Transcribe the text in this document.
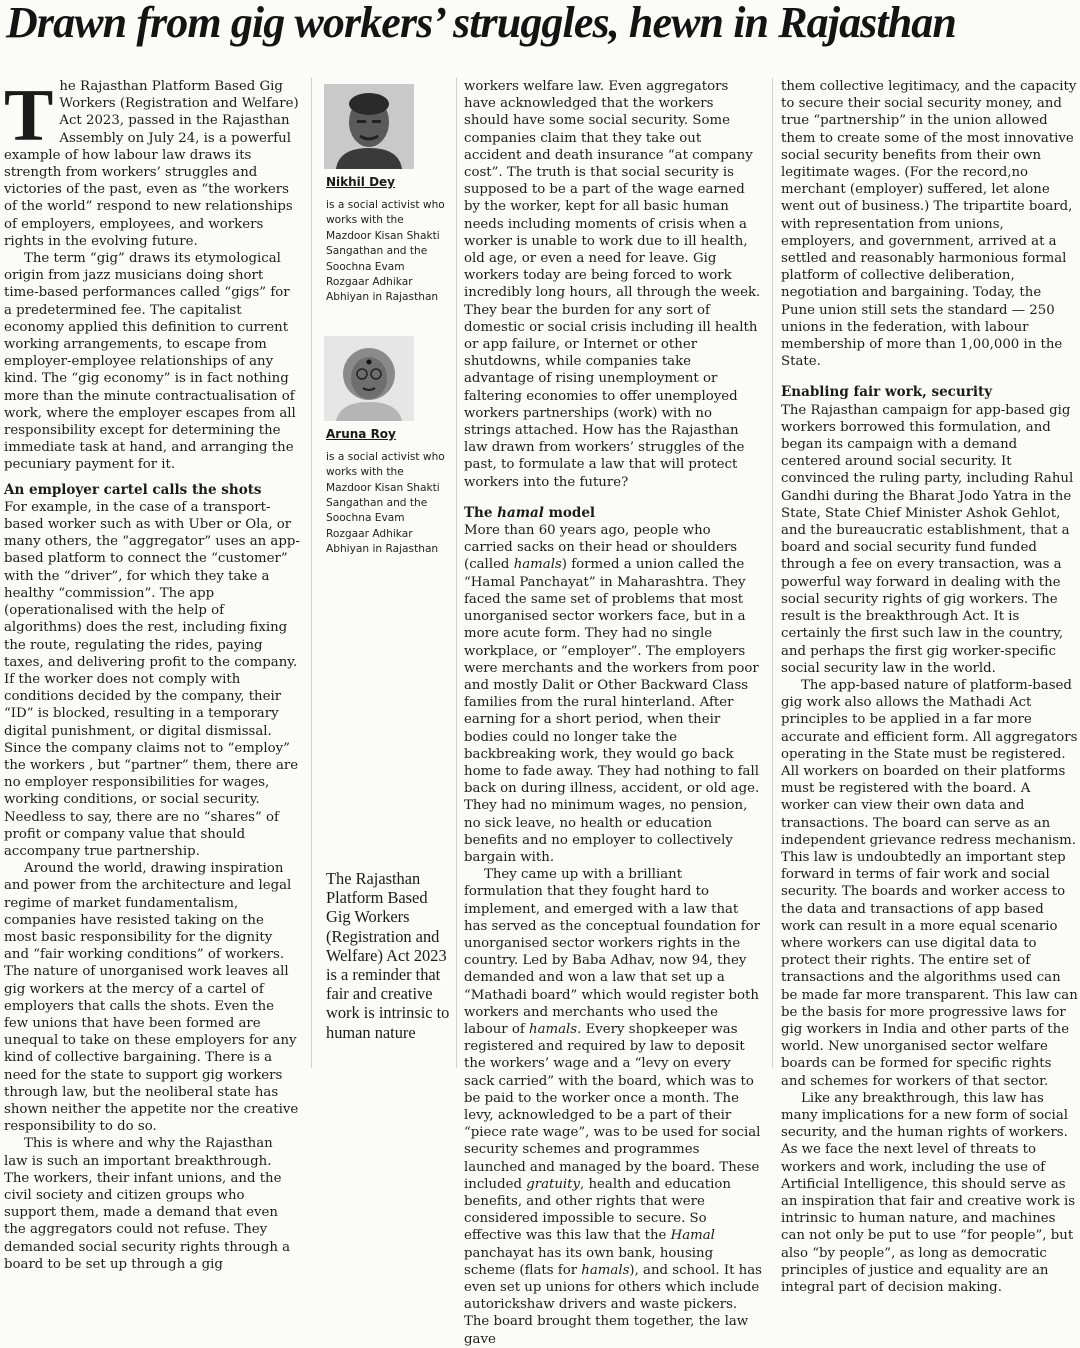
Drawn from gig workers’ struggles, hewn in Rajasthan

The Rajasthan Platform Based Gig Workers (Registration and Welfare) Act 2023, passed in the Rajasthan Assembly on July 24, is a powerful example of how labour law draws its strength from workers’ struggles and victories of the past, even as “the workers of the world” respond to new relationships of employers, employees, and workers rights in the evolving future.

The term “gig” draws its etymological origin from jazz musicians doing short time-based performances called “gigs” for a predetermined fee. The capitalist economy applied this definition to current working arrangements, to escape from employer-employee relationships of any kind. The “gig economy” is in fact nothing more than the minute contractualisation of work, where the employer escapes from all responsibility except for determining the immediate task at hand, and arranging the pecuniary payment for it.

An employer cartel calls the shots

For example, in the case of a transport-based worker such as with Uber or Ola, or many others, the “aggregator” uses an app-based platform to connect the “customer” with the “driver”, for which they take a healthy “commission”. The app (operationalised with the help of algorithms) does the rest, including fixing the route, regulating the rides, paying taxes, and delivering profit to the company. If the worker does not comply with conditions decided by the company, their “ID” is blocked, resulting in a temporary digital punishment, or digital dismissal. Since the company claims not to “employ” the workers , but “partner” them, there are no employer responsibilities for wages, working conditions, or social security. Needless to say, there are no “shares” of profit or company value that should accompany true partnership.

Around the world, drawing inspiration and power from the architecture and legal regime of market fundamentalism, companies have resisted taking on the most basic responsibility for the dignity and “fair working conditions” of workers. The nature of unorganised work leaves all gig workers at the mercy of a cartel of employers that calls the shots. Even the few unions that have been formed are unequal to take on these employers for any kind of collective bargaining. There is a need for the state to support gig workers through law, but the neoliberal state has shown neither the appetite nor the creative responsibility to do so.

This is where and why the Rajasthan law is such an important breakthrough. The workers, their infant unions, and the civil society and citizen groups who support them, made a demand that even the aggregators could not refuse. They demanded social security rights through a board to be set up through a gig

Nikhil Dey
is a social activist who works with the Mazdoor Kisan Shakti Sangathan and the Soochna Evam Rozgaar Adhikar Abhiyan in Rajasthan
Aruna Roy
is a social activist who works with the Mazdoor Kisan Shakti Sangathan and the Soochna Evam Rozgaar Adhikar Abhiyan in Rajasthan
The Rajasthan Platform Based Gig Workers (Registration and Welfare) Act 2023 is a reminder that fair and creative work is intrinsic to human nature

workers welfare law. Even aggregators have acknowledged that the workers should have some social security. Some companies claim that they take out accident and death insurance “at company cost”. The truth is that social security is supposed to be a part of the wage earned by the worker, kept for all basic human needs including moments of crisis when a worker is unable to work due to ill health, old age, or even a need for leave. Gig workers today are being forced to work incredibly long hours, all through the week. They bear the burden for any sort of domestic or social crisis including ill health or app failure, or Internet or other shutdowns, while companies take advantage of rising unemployment or faltering economies to offer unemployed workers partnerships (work) with no strings attached. How has the Rajasthan law drawn from workers’ struggles of the past, to formulate a law that will protect workers into the future?

The hamal model

More than 60 years ago, people who carried sacks on their head or shoulders (called hamals) formed a union called the “Hamal Panchayat” in Maharashtra. They faced the same set of problems that most unorganised sector workers face, but in a more acute form. They had no single workplace, or “employer”. The employers were merchants and the workers from poor and mostly Dalit or Other Backward Class families from the rural hinterland. After earning for a short period, when their bodies could no longer take the backbreaking work, they would go back home to fade away. They had nothing to fall back on during illness, accident, or old age. They had no minimum wages, no pension, no sick leave, no health or education benefits and no employer to collectively bargain with.

They came up with a brilliant formulation that they fought hard to implement, and emerged with a law that has served as the conceptual foundation for unorganised sector workers rights in the country. Led by Baba Adhav, now 94, they demanded and won a law that set up a “Mathadi board” which would register both workers and merchants who used the labour of hamals. Every shopkeeper was registered and required by law to deposit the workers’ wage and a “levy on every sack carried” with the board, which was to be paid to the worker once a month. The levy, acknowledged to be a part of their “piece rate wage”, was to be used for social security schemes and programmes launched and managed by the board. These included gratuity, health and education benefits, and other rights that were considered impossible to secure. So effective was this law that the Hamal panchayat has its own bank, housing scheme (flats for hamals), and school. It has even set up unions for others which include autorickshaw drivers and waste pickers. The board brought them together, the law gave

them collective legitimacy, and the capacity to secure their social security money, and true “partnership” in the union allowed them to create some of the most innovative social security benefits from their own legitimate wages. (For the record,no merchant (employer) suffered, let alone went out of business.) The tripartite board, with representation from unions, employers, and government, arrived at a settled and reasonably harmonious formal platform of collective deliberation, negotiation and bargaining. Today, the Pune union still sets the standard — 250 unions in the federation, with labour membership of more than 1,00,000 in the State.

Enabling fair work, security

The Rajasthan campaign for app-based gig workers borrowed this formulation, and began its campaign with a demand centered around social security. It convinced the ruling party, including Rahul Gandhi during the Bharat Jodo Yatra in the State, State Chief Minister Ashok Gehlot, and the bureaucratic establishment, that a board and social security fund funded through a fee on every transaction, was a powerful way forward in dealing with the social security rights of gig workers. The result is the breakthrough Act. It is certainly the first such law in the country, and perhaps the first gig worker-specific social security law in the world.

The app-based nature of platform-based gig work also allows the Mathadi Act principles to be applied in a far more accurate and efficient form. All aggregators operating in the State must be registered. All workers on boarded on their platforms must be registered with the board. A worker can view their own data and transactions. The board can serve as an independent grievance redress mechanism. This law is undoubtedly an important step forward in terms of fair work and social security. The boards and worker access to the data and transactions of app based work can result in a more equal scenario where workers can use digital data to protect their rights. The entire set of transactions and the algorithms used can be made far more transparent. This law can be the basis for more progressive laws for gig workers in India and other parts of the world. New unorganised sector welfare boards can be formed for specific rights and schemes for workers of that sector.

Like any breakthrough, this law has many implications for a new form of social security, and the human rights of workers. As we face the next level of threats to workers and work, including the use of Artificial Intelligence, this should serve as an inspiration that fair and creative work is intrinsic to human nature, and machines can not only be put to use “for people”, but also “by people”, as long as democratic principles of justice and equality are an integral part of decision making.
